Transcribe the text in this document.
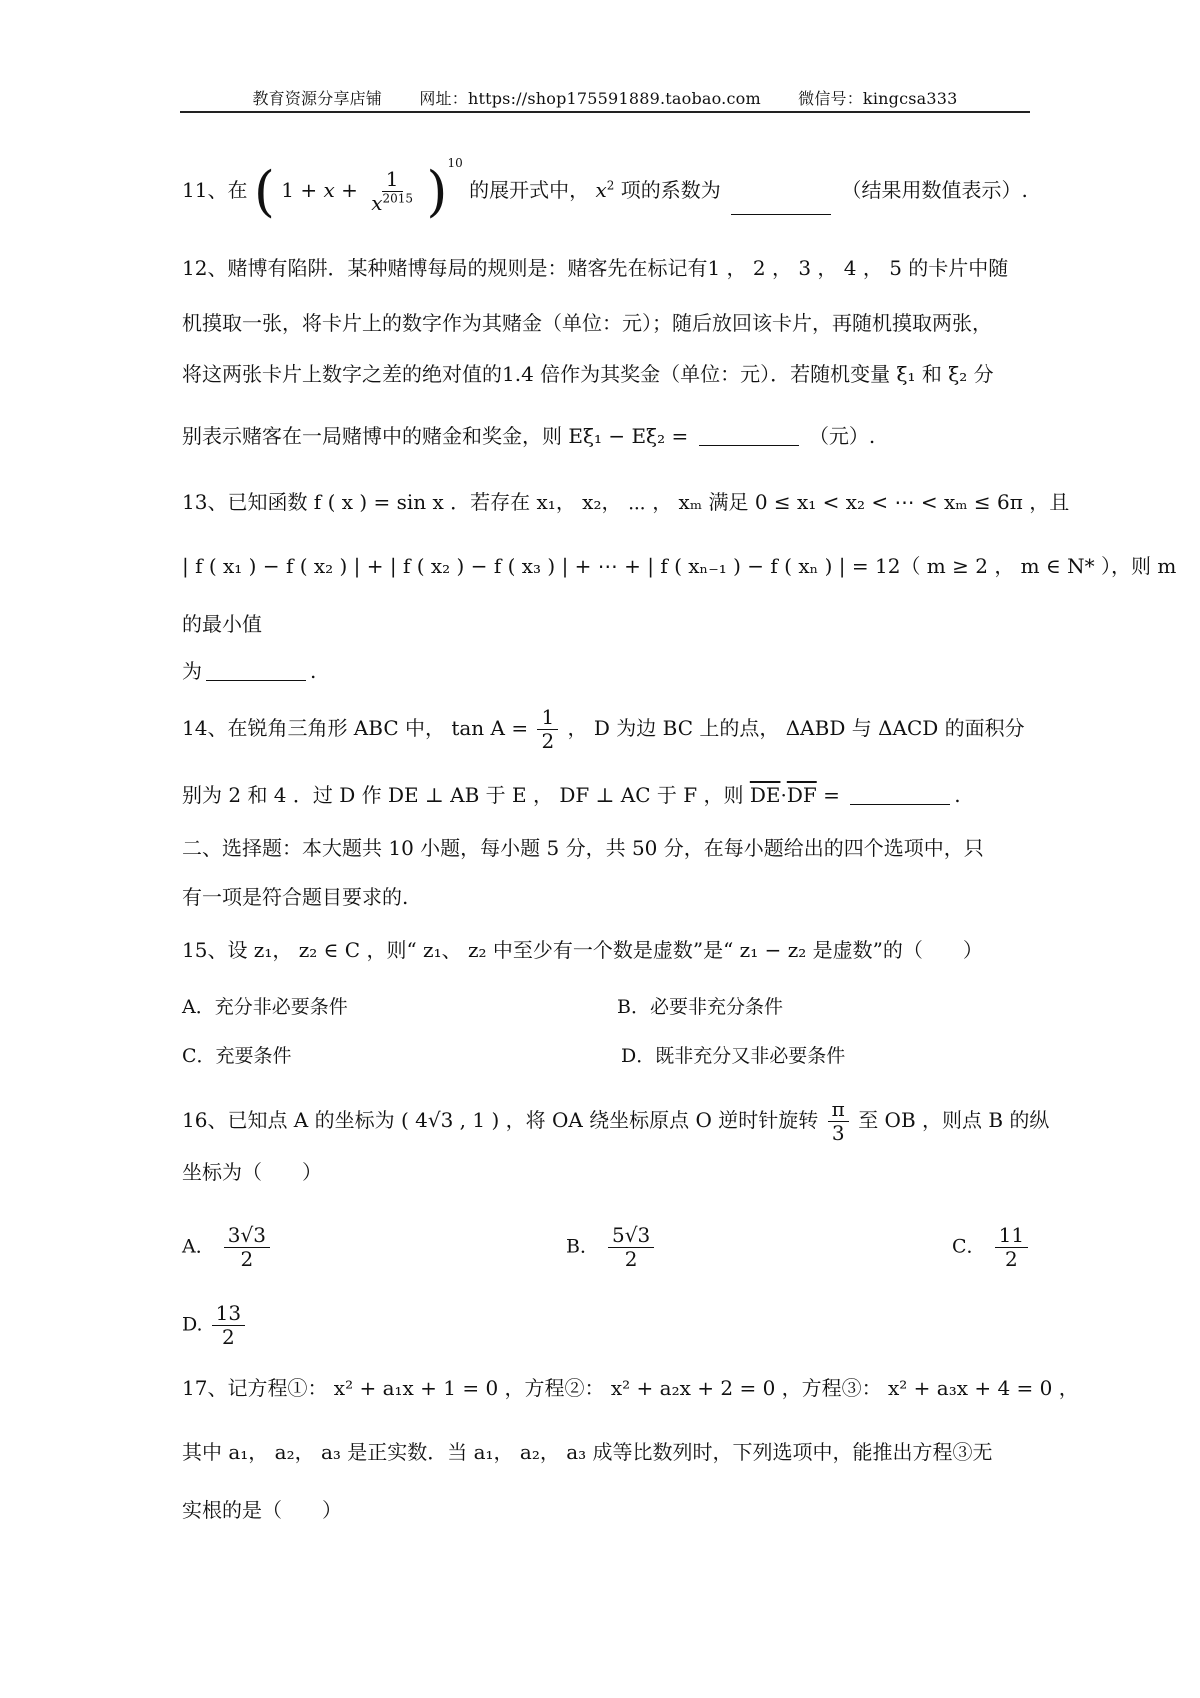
教育资源分享店铺 网址：https://shop175591889.taobao.com 微信号：kingcsa333
11、在 ( $1 + x + \frac{1}{x^{2015}} )^{10}$ 的展开式中， $x^2$ 项的系数为	（结果用数值表示）.
12、赌博有陷阱．某种赌博每局的规则是：赌客先在标记有1 ， 2 ， 3 ， 4 ， 5 的卡片中随
机摸取一张，将卡片上的数字作为其赌金（单位：元）；随后放回该卡片，再随机摸取两张，
将这两张卡片上数字之差的绝对值的1.4 倍作为其奖金（单位：元）．若随机变量 ξ₁ 和 ξ₂ 分
别表示赌客在一局赌博中的赌金和奖金，则 Eξ₁ − Eξ₂ =	（元）.
13、已知函数 f ( x ) = sin x ．若存在 x₁， x₂， ⋯ ， xₘ 满足 0 ≤ x₁ < x₂ < ⋯ < xₘ ≤ 6π ，且
| f ( x₁ ) − f ( x₂ ) | + | f ( x₂ ) − f ( x₃ ) | + ⋯ + | f ( xₙ₋₁ ) − f ( xₙ ) | = 12（ m ≥ 2 ， m ∈ N* ），则 m
的最小值
为	.
14、在锐角三角形 ABC 中， $\tan A = \frac{1}{2}$ ， D 为边 BC 上的点， ΔABD 与 ΔACD 的面积分
别为 2 和 4 ．过 D 作 DE ⊥ AB 于 E ， DF ⊥ AC 于 F ，则 $\overline{DE}\cdot\overline{DF}$ =	.
二、选择题：本大题共 10 小题，每小题 5 分，共 50 分，在每小题给出的四个选项中，只
有一项是符合题目要求的.
15、设 z₁， z₂ ∈ C ，则“ z₁、 z₂ 中至少有一个数是虚数”是“ z₁ − z₂ 是虚数”的（　　）
A．充分非必要条件	B．必要非充分条件
C．充要条件	D．既非充分又非必要条件
16、已知点 A 的坐标为 ( 4√3 , 1 ) ，将 OA 绕坐标原点 O 逆时针旋转 $\frac{\pi}{3}$ 至 OB ，则点 B 的纵
坐标为（　　）
A． $\frac{3√3}{2}$	B． $\frac{5√3}{2}$	C． $\frac{11}{2}$
D. $\frac{13}{2}$
17、记方程①： x² + a₁x + 1 = 0 ，方程②： x² + a₂x + 2 = 0 ，方程③： x² + a₃x + 4 = 0 ，
其中 a₁， a₂， a₃ 是正实数．当 a₁， a₂， a₃ 成等比数列时，下列选项中，能推出方程③无
实根的是（　　）
